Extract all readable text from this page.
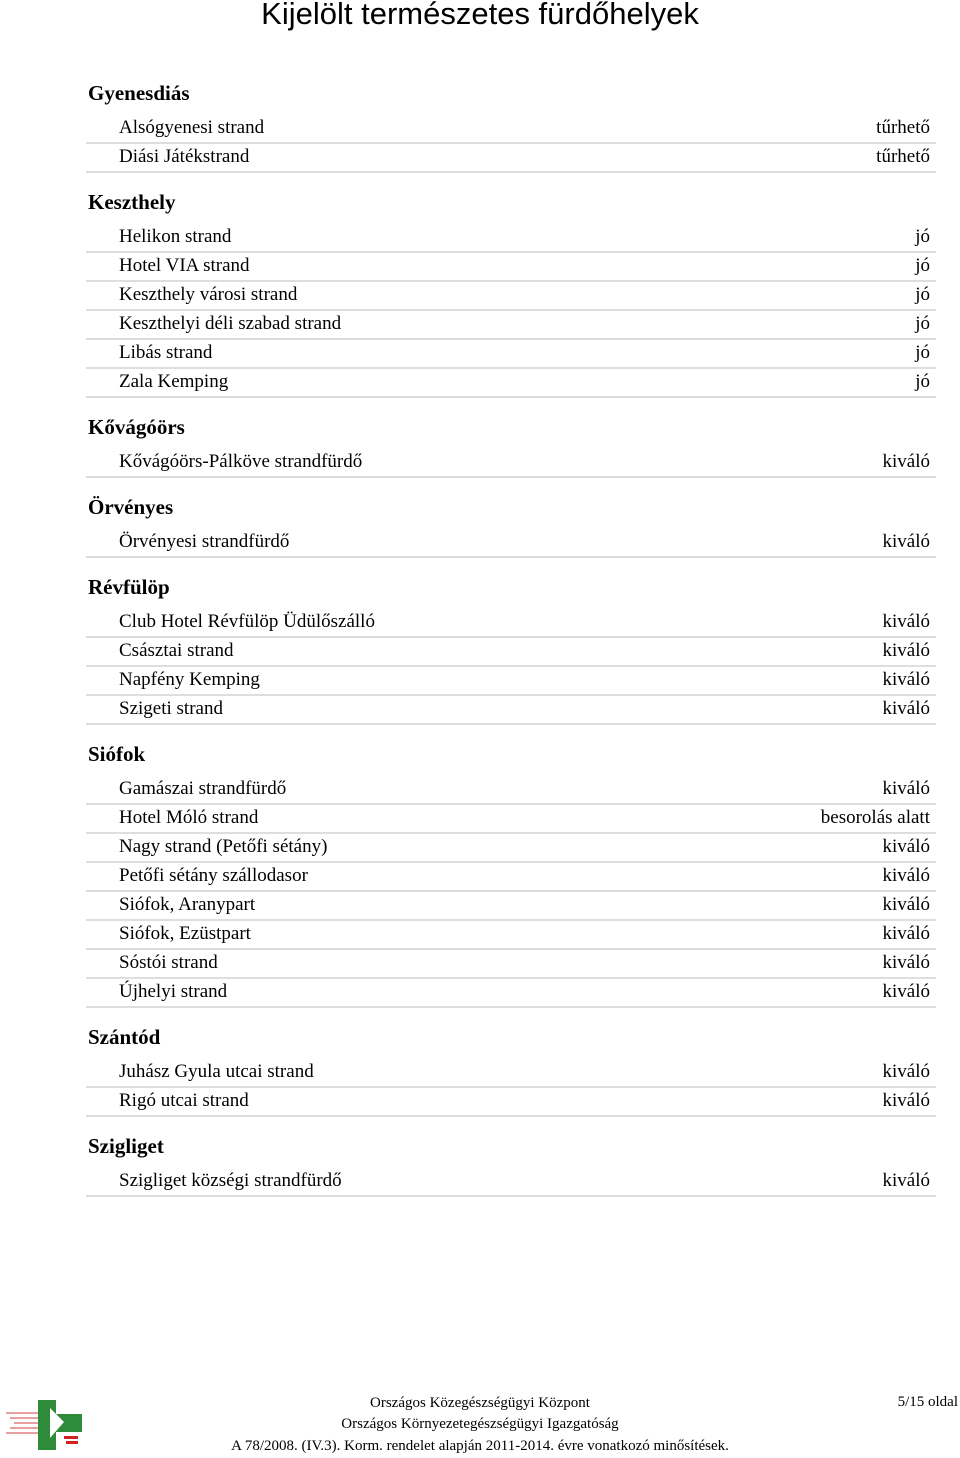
Kijelölt természetes fürdőhelyek
Gyenesdiás
Alsógyenesi strand	tűrhető
Diási Játékstrand	tűrhető
Keszthely
Helikon strand	jó
Hotel VIA strand	jó
Keszthely városi strand	jó
Keszthelyi déli szabad strand	jó
Libás strand	jó
Zala Kemping	jó
Kővágóörs
Kővágóörs-Pálköve strandfürdő	kiváló
Örvényes
Örvényesi strandfürdő	kiváló
Révfülöp
Club Hotel Révfülöp Üdülőszálló	kiváló
Császtai strand	kiváló
Napfény Kemping	kiváló
Szigeti strand	kiváló
Siófok
Gamászai strandfürdő	kiváló
Hotel Móló strand	besorolás alatt
Nagy strand (Petőfi sétány)	kiváló
Petőfi sétány szállodasor	kiváló
Siófok, Aranypart	kiváló
Siófok, Ezüstpart	kiváló
Sóstói strand	kiváló
Újhelyi strand	kiváló
Szántód
Juhász Gyula utcai strand	kiváló
Rigó utcai strand	kiváló
Szigliget
Szigliget községi strandfürdő	kiváló
Országos Közegészségügyi Központ
Országos Környezetegészségügyi Igazgatóság
A 78/2008. (IV.3). Korm. rendelet alapján 2011-2014. évre vonatkozó minősítések.
5/15 oldal
